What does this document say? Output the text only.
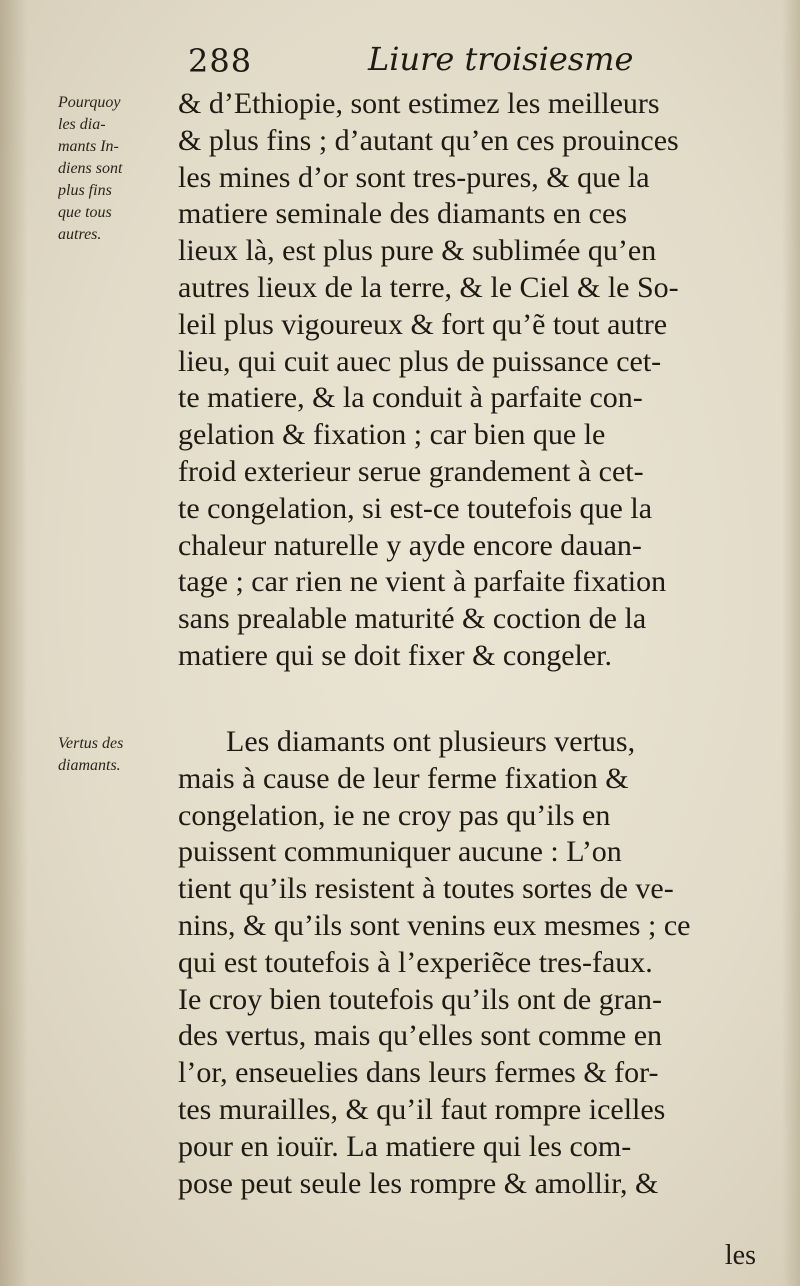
288	Liure troisiesme
Pourquoy
les dia-
mants In-
diens sont
plus fins
que tous
autres.
Vertus des
diamants.
& d’Ethiopie, sont estimez les meilleurs
& plus fins ; d’autant qu’en ces prouinces
les mines d’or sont tres-pures, & que la
matiere seminale des diamants en ces
lieux là, est plus pure & sublimée qu’en
autres lieux de la terre, & le Ciel & le So-
leil plus vigoureux & fort qu’ẽ tout autre
lieu, qui cuit auec plus de puissance cet-
te matiere, & la conduit à parfaite con-
gelation & fixation ; car bien que le
froid exterieur serue grandement à cet-
te congelation, si est-ce toutefois que la
chaleur naturelle y ayde encore dauan-
tage ; car rien ne vient à parfaite fixation
sans prealable maturité & coction de la
matiere qui se doit fixer & congeler.
Les diamants ont plusieurs vertus,
mais à cause de leur ferme fixation &
congelation, ie ne croy pas qu’ils en
puissent communiquer aucune : L’on
tient qu’ils resistent à toutes sortes de ve-
nins, & qu’ils sont venins eux mesmes ; ce
qui est toutefois à l’experiẽce tres-faux.
Ie croy bien toutefois qu’ils ont de gran-
des vertus, mais qu’elles sont comme en
l’or, enseuelies dans leurs fermes & for-
tes murailles, & qu’il faut rompre icelles
pour en iouïr. La matiere qui les com-
pose peut seule les rompre & amollir, &
les
